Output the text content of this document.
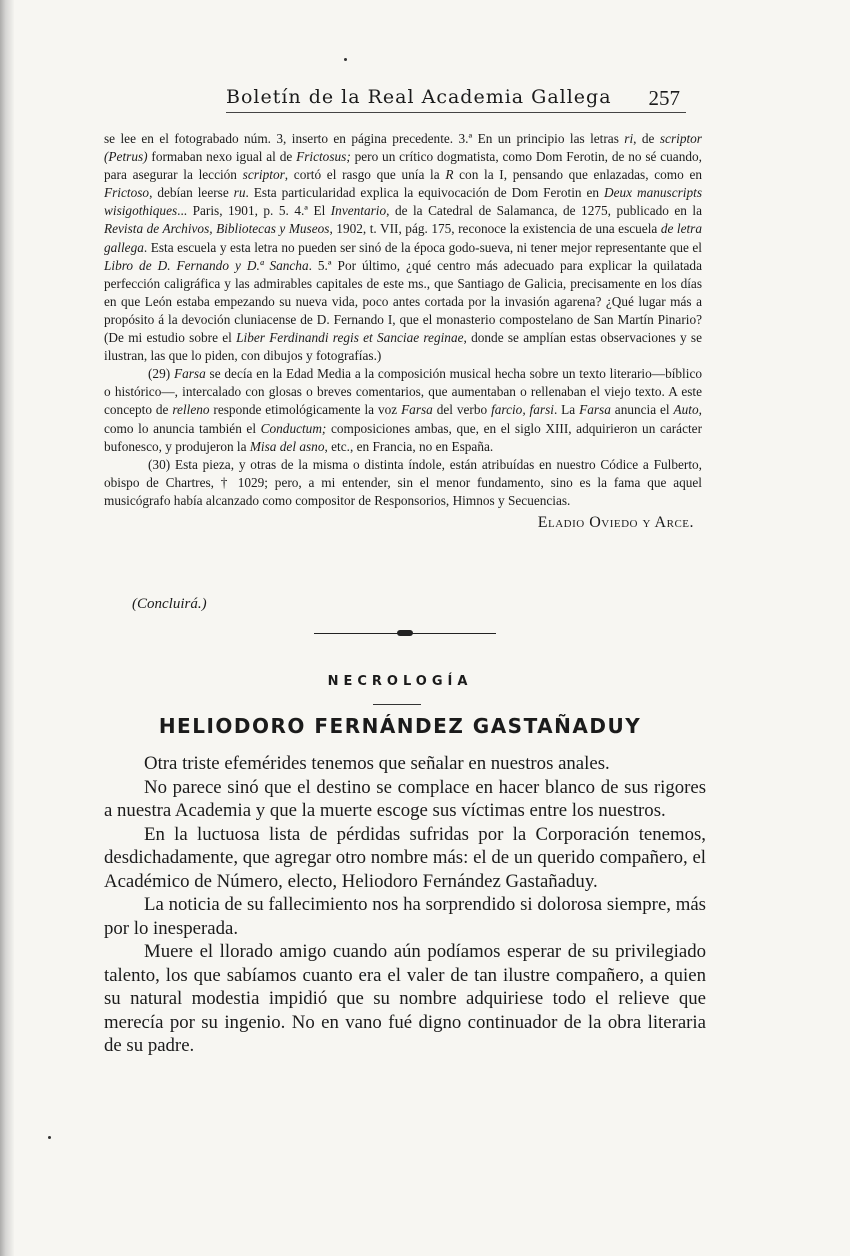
Boletín de la Real Academia Gallega 257

se lee en el fotograbado núm. 3, inserto en página precedente. 3.ª En un principio las letras ri, de scriptor (Petrus) formaban nexo igual al de Frictosus; pero un crítico dogmatista, como Dom Ferotin, de no sé cuando, para asegurar la lección scriptor, cortó el rasgo que unía la R con la I, pensando que enlazadas, como en Frictoso, debían leerse ru. Esta particularidad explica la equivocación de Dom Ferotin en Deux manuscripts wisigothiques... Paris, 1901, p. 5. 4.ª El Inventario, de la Catedral de Salamanca, de 1275, publicado en la Revista de Archivos, Bibliotecas y Museos, 1902, t. VII, pág. 175, reconoce la existencia de una escuela de letra gallega. Esta escuela y esta letra no pueden ser sinó de la época godo-sueva, ni tener mejor representante que el Libro de D. Fernando y D.ª Sancha. 5.ª Por último, ¿qué centro más adecuado para explicar la quilatada perfección caligráfica y las admirables capitales de este ms., que Santiago de Galicia, precisamente en los días en que León estaba empezando su nueva vida, poco antes cortada por la invasión agarena? ¿Qué lugar más a propósito á la devoción cluniacense de D. Fernando I, que el monasterio compostelano de San Martín Pinario? (De mi estudio sobre el Liber Ferdinandi regis et Sanciae reginae, donde se amplían estas observaciones y se ilustran, las que lo piden, con dibujos y fotografías.)

(29) Farsa se decía en la Edad Media a la composición musical hecha sobre un texto literario—bíblico o histórico—, intercalado con glosas o breves comentarios, que aumentaban o rellenaban el viejo texto. A este concepto de relleno responde etimológicamente la voz Farsa del verbo farcio, farsi. La Farsa anuncia el Auto, como lo anuncia también el Conductum; composiciones ambas, que, en el siglo XIII, adquirieron un carácter bufonesco, y produjeron la Misa del asno, etc., en Francia, no en España.

(30) Esta pieza, y otras de la misma o distinta índole, están atribuídas en nuestro Códice a Fulberto, obispo de Chartres, † 1029; pero, a mi entender, sin el menor fundamento, sino es la fama que aquel musicógrafo había alcanzado como compositor de Responsorios, Himnos y Secuencias.

Eladio Oviedo y Arce.
(Concluirá.)
NECROLOGÍA
HELIODORO FERNÁNDEZ GASTAÑADUY

Otra triste efemérides tenemos que señalar en nuestros anales.

No parece sinó que el destino se complace en hacer blanco de sus rigores a nuestra Academia y que la muerte escoge sus víctimas entre los nuestros.

En la luctuosa lista de pérdidas sufridas por la Corporación tenemos, desdichadamente, que agregar otro nombre más: el de un querido compañero, el Académico de Número, electo, Heliodoro Fernández Gastañaduy.

La noticia de su fallecimiento nos ha sorprendido si dolorosa siempre, más por lo inesperada.

Muere el llorado amigo cuando aún podíamos esperar de su privilegiado talento, los que sabíamos cuanto era el valer de tan ilustre compañero, a quien su natural modestia impidió que su nombre adquiriese todo el relieve que merecía por su ingenio. No en vano fué digno continuador de la obra literaria de su padre.
